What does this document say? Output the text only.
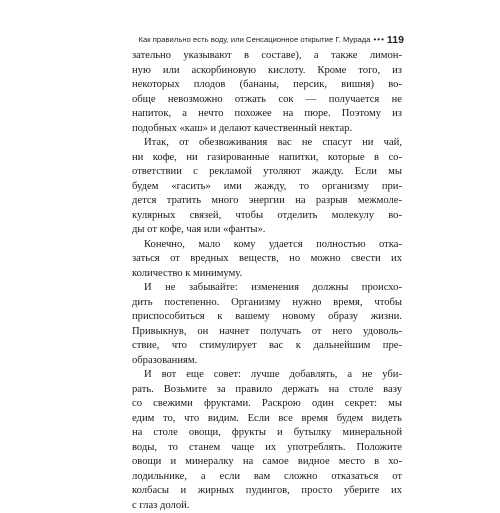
Как правильно есть воду, или Сенсационное открытие Г. Мурада ••• 119
зательно указывают в составе), а также лимон-
ную или аскорбиновую кислоту. Кроме того, из
некоторых плодов (бананы, персик, вишня) во-
обще невозможно отжать сок — получается не
напиток, а нечто похожее на пюре. Поэтому из
подобных «каш» и делают качественный нектар.
Итак, от обезвоживания вас не спасут ни чай,
ни кофе, ни газированные напитки, которые в со-
ответствии с рекламой утоляют жажду. Если мы
будем «гасить» ими жажду, то организму при-
дется тратить много энергии на разрыв межмоле-
кулярных связей, чтобы отделить молекулу во-
ды от кофе, чая или «фанты».
Конечно, мало кому удается полностью отка-
заться от вредных веществ, но можно свести их
количество к минимуму.
И не забывайте: изменения должны происхо-
дить постепенно. Организму нужно время, чтобы
приспособиться к вашему новому образу жизни.
Привыкнув, он начнет получать от него удоволь-
ствие, что стимулирует вас к дальнейшим пре-
образованиям.
И вот еще совет: лучше добавлять, а не уби-
рать. Возьмите за правило держать на столе вазу
со свежими фруктами. Раскрою один секрет: мы
едим то, что видим. Если все время будем видеть
на столе овощи, фрукты и бутылку минеральной
воды, то станем чаще их употреблять. Положите
овощи и минералку на самое видное место в хо-
лодильнике, а если вам сложно отказаться от
колбасы и жирных пудингов, просто уберите их
с глаз долой.
